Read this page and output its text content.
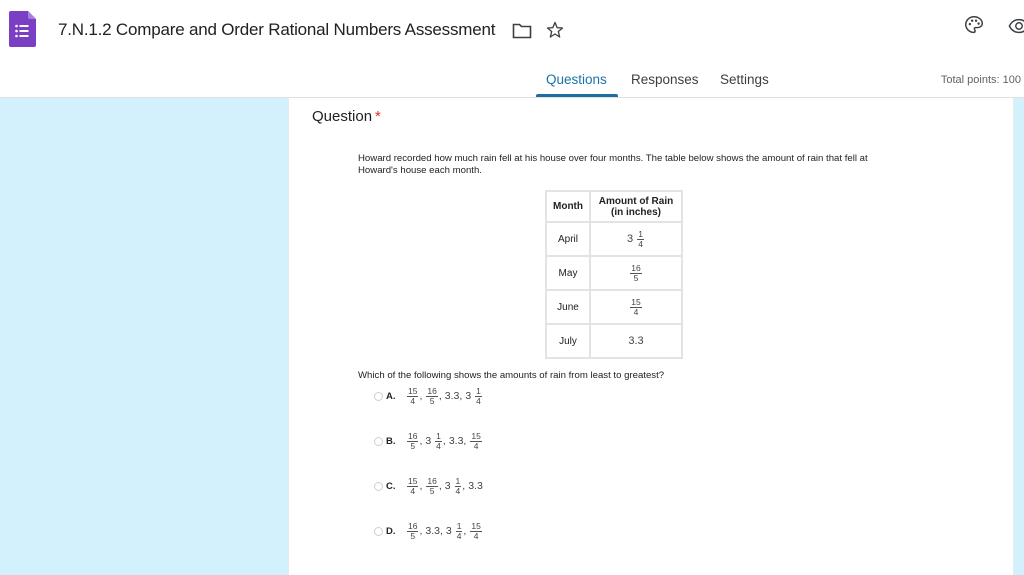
7.N.1.2 Compare and Order Rational Numbers Assessment
Questions Responses Settings	Total points: 100
Question *
Howard recorded how much rain fell at his house over four months. The table below shows the amount of rain that fell at Howard's house each month.
Month	Amount of Rain
(in inches)
April	$3 \frac{1}{4}$

May	$\frac{16}{5}$

June	$\frac{15}{4}$

July	3.3
Which of the following shows the amounts of rain from least to greatest?
A.	$\frac{15}{4}$ , $\frac{16}{5}$ , 3.3 , 3
$\frac{1}{4}$
B.	$\frac{16}{5}$ , 3
$\frac{1}{4}$ , 3.3 , $\frac{15}{4}$
C.	$\frac{15}{4}$ , $\frac{16}{5}$ , 3
$\frac{1}{4}$ , 3.3
D.	$\frac{16}{5}$ , 3.3 , 3
$\frac{1}{4}$ , $\frac{15}{4}$
